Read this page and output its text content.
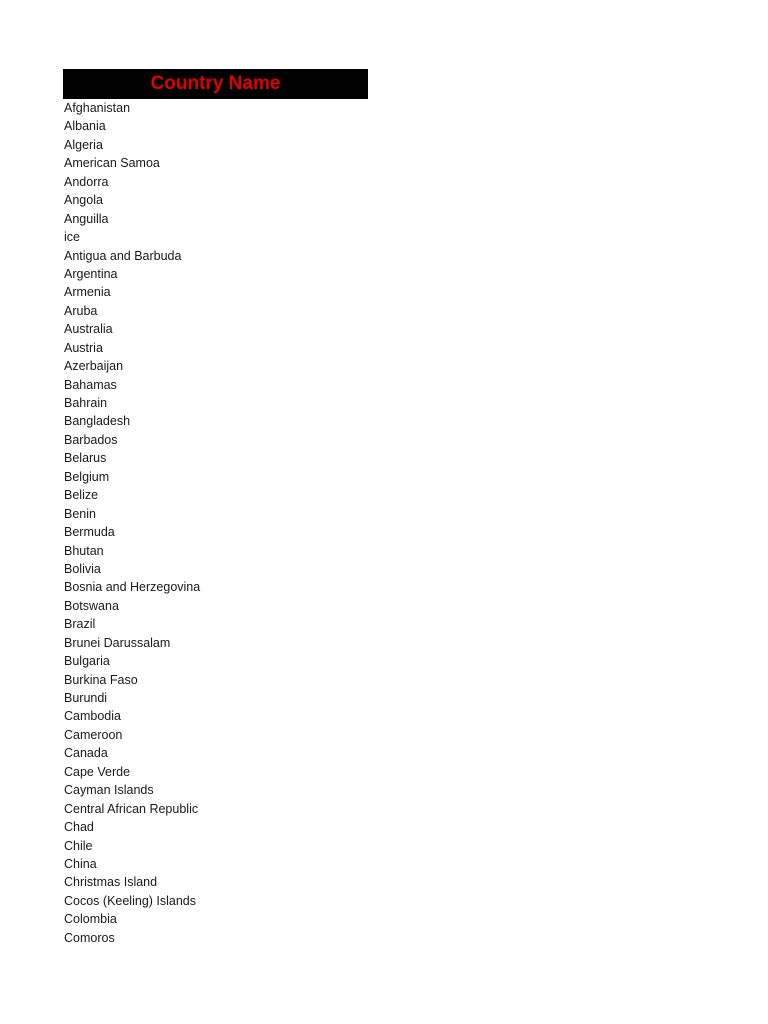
Country Name
Afghanistan
Albania
Algeria
American Samoa
Andorra
Angola
Anguilla
ice
Antigua and Barbuda
Argentina
Armenia
Aruba
Australia
Austria
Azerbaijan
Bahamas
Bahrain
Bangladesh
Barbados
Belarus
Belgium
Belize
Benin
Bermuda
Bhutan
Bolivia
Bosnia and Herzegovina
Botswana
Brazil
Brunei Darussalam
Bulgaria
Burkina Faso
Burundi
Cambodia
Cameroon
Canada
Cape Verde
Cayman Islands
Central African Republic
Chad
Chile
China
Christmas Island
Cocos (Keeling) Islands
Colombia
Comoros
